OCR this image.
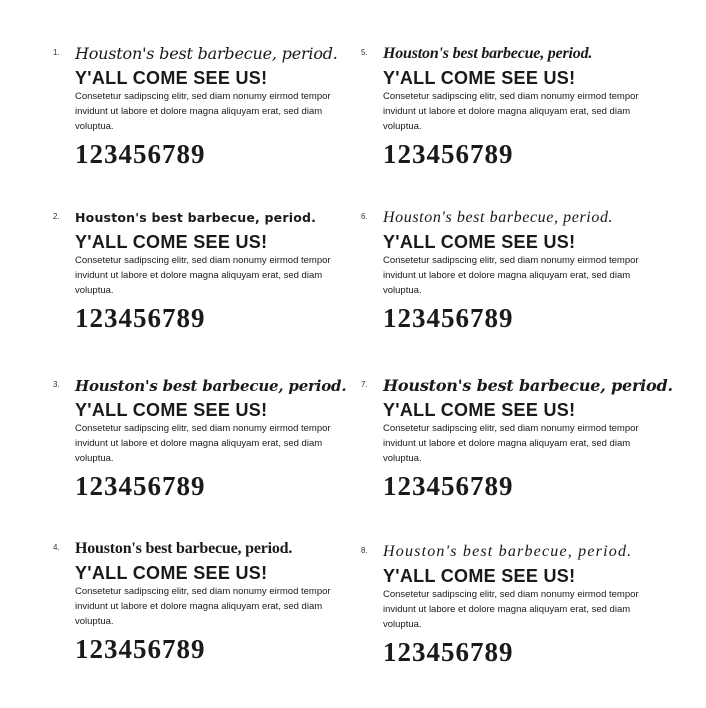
1. Houston's best barbecue, period.
Y'ALL COME SEE US!
Consetetur sadipscing elitr, sed diam nonumy eirmod tempor invidunt ut labore et dolore magna aliquyam erat, sed diam voluptua.
123456789
2. Houston's best barbecue, period.
Y'ALL COME SEE US!
Consetetur sadipscing elitr, sed diam nonumy eirmod tempor invidunt ut labore et dolore magna aliquyam erat, sed diam voluptua.
123456789
3. Houston's best barbecue, period.
Y'ALL COME SEE US!
Consetetur sadipscing elitr, sed diam nonumy eirmod tempor invidunt ut labore et dolore magna aliquyam erat, sed diam voluptua.
123456789
4. Houston's best barbecue, period.
Y'ALL COME SEE US!
Consetetur sadipscing elitr, sed diam nonumy eirmod tempor invidunt ut labore et dolore magna aliquyam erat, sed diam voluptua.
123456789
5. Houston's best barbecue, period.
Y'ALL COME SEE US!
Consetetur sadipscing elitr, sed diam nonumy eirmod tempor invidunt ut labore et dolore magna aliquyam erat, sed diam voluptua.
123456789
6. Houston's best barbecue, period.
Y'ALL COME SEE US!
Consetetur sadipscing elitr, sed diam nonumy eirmod tempor invidunt ut labore et dolore magna aliquyam erat, sed diam voluptua.
123456789
7. Houston's best barbecue, period.
Y'ALL COME SEE US!
Consetetur sadipscing elitr, sed diam nonumy eirmod tempor invidunt ut labore et dolore magna aliquyam erat, sed diam voluptua.
123456789
8. Houston's best barbecue, period.
Y'ALL COME SEE US!
Consetetur sadipscing elitr, sed diam nonumy eirmod tempor invidunt ut labore et dolore magna aliquyam erat, sed diam voluptua.
123456789
